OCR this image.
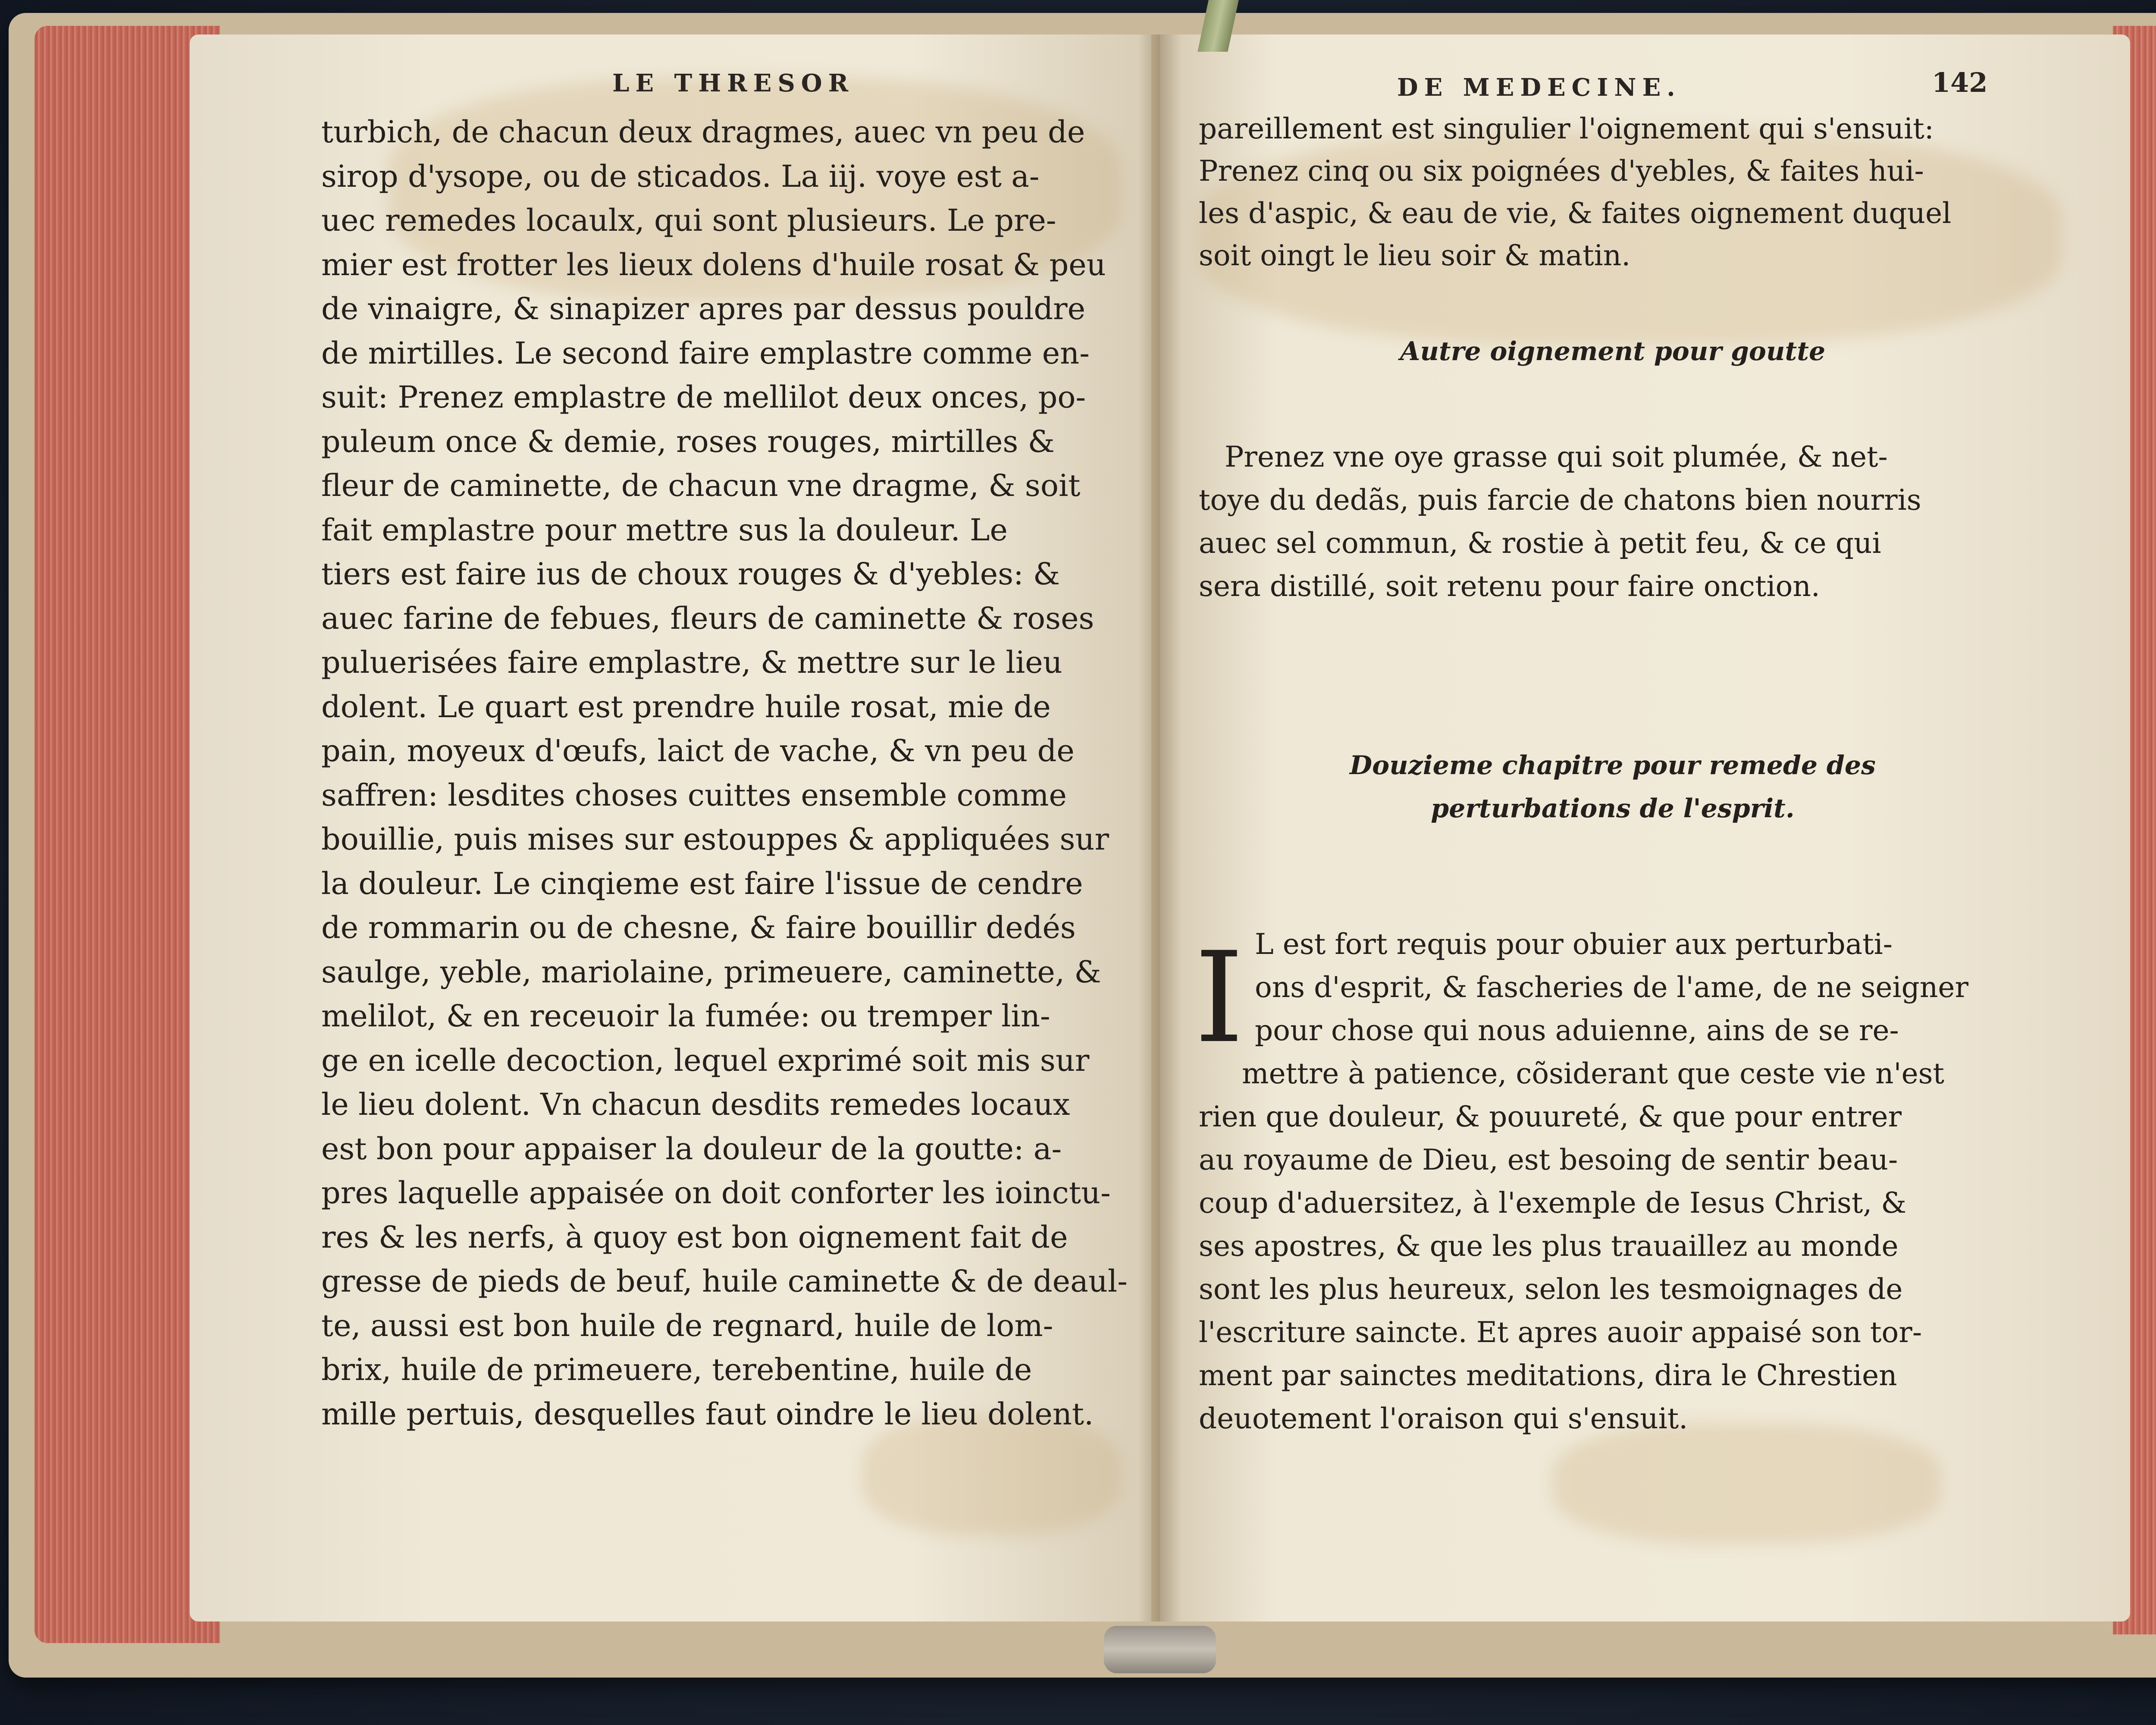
LE THRESOR
turbich, de chacun deux dragmes, auec vn peu de
sirop d'ysope, ou de sticados. La iij. voye est a-
uec remedes locaulx, qui sont plusieurs. Le pre-
mier est frotter les lieux dolens d'huile rosat & peu
de vinaigre, & sinapizer apres par dessus pouldre
de mirtilles. Le second faire emplastre comme en-
suit: Prenez emplastre de mellilot deux onces, po-
puleum once & demie, roses rouges, mirtilles &
fleur de caminette, de chacun vne dragme, & soit
fait emplastre pour mettre sus la douleur. Le
tiers est faire ius de choux rouges & d'yebles: &
auec farine de febues, fleurs de caminette & roses
puluerisées faire emplastre, & mettre sur le lieu
dolent. Le quart est prendre huile rosat, mie de
pain, moyeux d'œufs, laict de vache, & vn peu de
saffren: lesdites choses cuittes ensemble comme
bouillie, puis mises sur estouppes & appliquées sur
la douleur. Le cinqieme est faire l'issue de cendre
de rommarin ou de chesne, & faire bouillir dedés
saulge, yeble, mariolaine, primeuere, caminette, &
melilot, & en receuoir la fumée: ou tremper lin-
ge en icelle decoction, lequel exprimé soit mis sur
le lieu dolent. Vn chacun desdits remedes locaux
est bon pour appaiser la douleur de la goutte: a-
pres laquelle appaisée on doit conforter les ioinctu-
res & les nerfs, à quoy est bon oignement fait de
gresse de pieds de beuf, huile caminette & de deaul-
te, aussi est bon huile de regnard, huile de lom-
brix, huile de primeuere, terebentine, huile de
mille pertuis, desquelles faut oindre le lieu dolent.
DE MEDECINE.	142
pareillement est singulier l'oignement qui s'ensuit:
Prenez cinq ou six poignées d'yebles, & faites hui-
les d'aspic, & eau de vie, & faites oignement duquel
soit oingt le lieu soir & matin.
Autre oignement pour goutte
Prenez vne oye grasse qui soit plumée, & net-
toye du dedãs, puis farcie de chatons bien nourris
auec sel commun, & rostie à petit feu, & ce qui
sera distillé, soit retenu pour faire onction.
Douzieme chapitre pour remede des
perturbations de l'esprit.
I L est fort requis pour obuier aux perturbati-
ons d'esprit, & fascheries de l'ame, de ne seigner
pour chose qui nous aduienne, ains de se re-
mettre à patience, cõsiderant que ceste vie n'est
rien que douleur, & pouureté, & que pour entrer
au royaume de Dieu, est besoing de sentir beau-
coup d'aduersitez, à l'exemple de Iesus Christ, &
ses apostres, & que les plus trauaillez au monde
sont les plus heureux, selon les tesmoignages de
l'escriture saincte. Et apres auoir appaisé son tor-
ment par sainctes meditations, dira le Chrestien
deuotement l'oraison qui s'ensuit.
